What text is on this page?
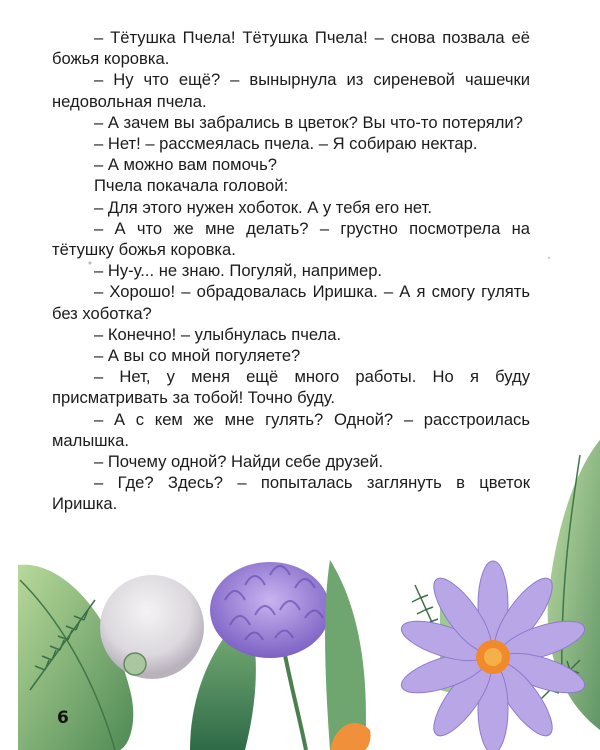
– Тётушка Пчела! Тётушка Пчела! – снова позвала её божья коровка.

– Ну что ещё? – вынырнула из сиреневой чашечки недовольная пчела.

– А зачем вы забрались в цветок? Вы что-то потеряли?

– Нет! – рассмеялась пчела. – Я собираю нектар.

– А можно вам помочь?

Пчела покачала головой:

– Для этого нужен хоботок. А у тебя его нет.

– А что же мне делать? – грустно посмотрела на тётушку божья коровка.

– Ну-у... не знаю. Погуляй, например.

– Хорошо! – обрадовалась Иришка. – А я смогу гулять без хоботка?

– Конечно! – улыбнулась пчела.

– А вы со мной погуляете?

– Нет, у меня ещё много работы. Но я буду присматривать за тобой! Точно буду.

– А с кем же мне гулять? Одной? – расстроилась малышка.

– Почему одной? Найди себе друзей.

– Где? Здесь? – попыталась заглянуть в цветок Иришка.

6
